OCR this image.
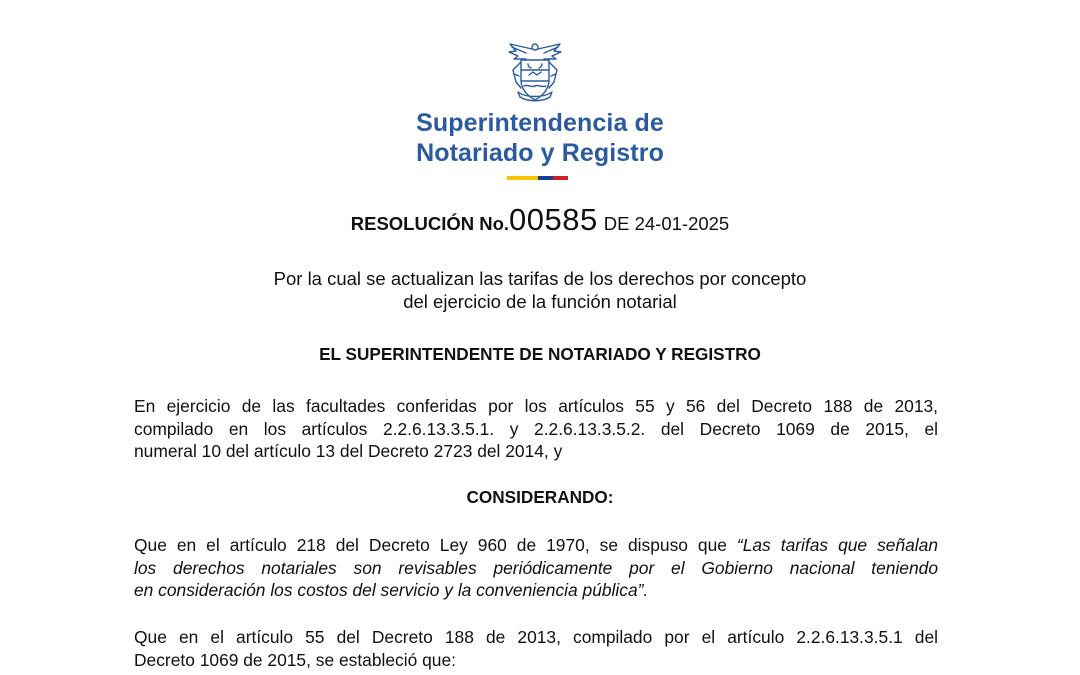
Superintendencia de
Notariado y Registro
RESOLUCIÓN No.00585 DE 24-01-2025
Por la cual se actualizan las tarifas de los derechos por concepto
del ejercicio de la función notarial
EL SUPERINTENDENTE DE NOTARIADO Y REGISTRO
En ejercicio de las facultades conferidas por los artículos 55 y 56 del Decreto 188 de 2013,
compilado en los artículos 2.2.6.13.3.5.1. y 2.2.6.13.3.5.2. del Decreto 1069 de 2015, el
numeral 10 del artículo 13 del Decreto 2723 del 2014, y
CONSIDERANDO:
Que en el artículo 218 del Decreto Ley 960 de 1970, se dispuso que “Las tarifas que señalan
los derechos notariales son revisables periódicamente por el Gobierno nacional teniendo
en consideración los costos del servicio y la conveniencia pública”.
Que en el artículo 55 del Decreto 188 de 2013, compilado por el artículo 2.2.6.13.3.5.1 del
Decreto 1069 de 2015, se estableció que:
